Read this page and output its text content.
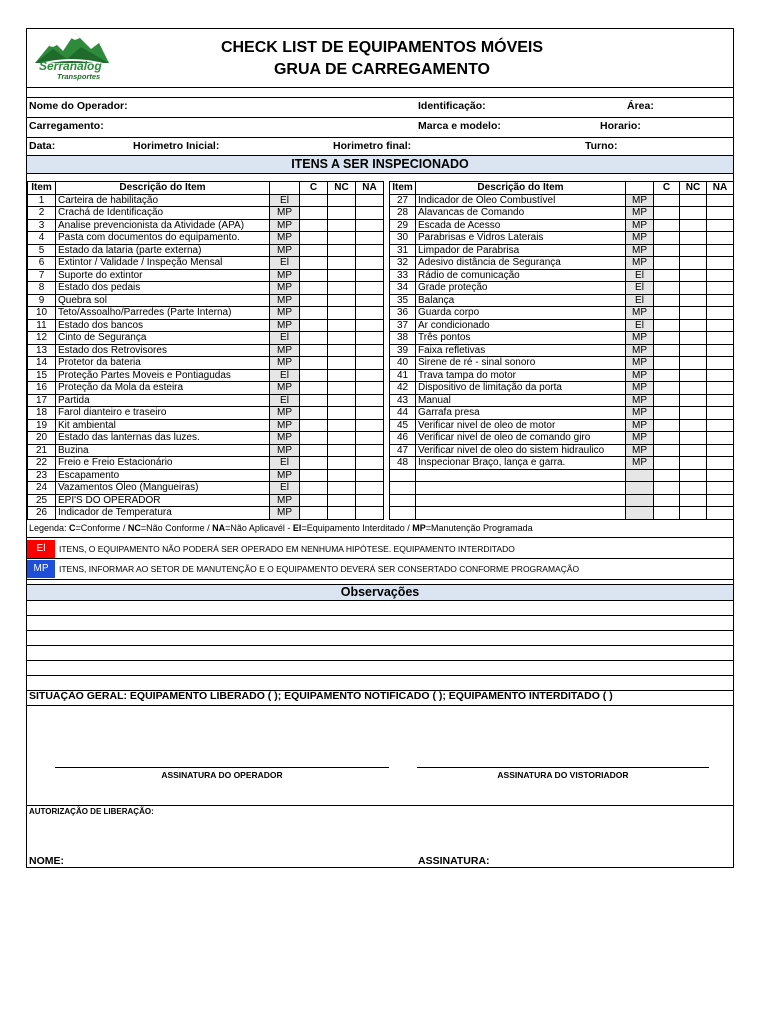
Serranalog
Transportes
CHECK LIST DE EQUIPAMENTOS MÓVEIS
GRUA DE CARREGAMENTO
Nome do Operador:	Identificação:	Área:
Carregamento:	Marca e modelo:	Horario:
Data:	Horimetro Inicial:	Horimetro final:	Turno:
ITENS A SER INSPECIONADO
Item	Descrição do Item		C	NC	NA
1	Carteira de habilitação	El			
2	Crachá de Identificação	MP			
3	Analise prevencionista da Atividade (APA)	MP			
4	Pasta com documentos do equipamento.	MP			
5	Estado da lataria (parte externa)	MP			
6	Extintor / Validade / Inspeção Mensal	El			
7	Suporte do extintor	MP			
8	Estado dos pedais	MP			
9	Quebra sol	MP			
10	Teto/Assoalho/Parredes (Parte Interna)	MP			
11	Estado dos bancos	MP			
12	Cinto de Segurança	El			
13	Estado dos Retrovisores	MP			
14	Protetor da bateria	MP			
15	Proteção Partes Moveis e Pontiagudas	El			
16	Proteção da Mola da esteira	MP			
17	Partida	El			
18	Farol dianteiro e traseiro	MP			
19	Kit ambiental	MP			
20	Estado das lanternas das luzes.	MP			
21	Buzina	MP			
22	Freio e Freio Estacionário	El			
23	Escapamento	MP			
24	Vazamentos Óleo (Mangueiras)	El			
25	EPI'S DO OPERADOR	MP			
26	Indicador de Temperatura	MP			
Item	Descrição do Item		C	NC	NA
27	Indicador de Óleo Combustível	MP			
28	Alavancas de Comando	MP			
29	Escada de Acesso	MP			
30	Parabrisas e Vidros Laterais	MP			
31	Limpador de Parabrisa	MP			
32	Adesivo distância de Segurança	MP			
33	Rádio de comunicação	El			
34	Grade proteção	El			
35	Balança	El			
36	Guarda corpo	MP			
37	Ar condicionado	El			
38	Três pontos	MP			
39	Faixa refletivas	MP			
40	Sirene de ré - sinal sonoro	MP			
41	Trava tampa do motor	MP			
42	Dispositivo de limitação da porta	MP			
43	Manual	MP			
44	Garrafa presa	MP			
45	Verificar nivel de oleo de motor	MP			
46	Verificar nivel de oleo de comando giro	MP			
47	Verificar nivel de oleo do sistem hidraulico	MP			
48	Inspecionar Braço, lança e garra.	MP			

Legenda: C=Conforme / NC=Não Conforme / NA=Não Aplicavél - EI=Equipamento Interditado / MP=Manutenção Programada
El	ITENS, O EQUIPAMENTO NÃO PODERÁ SER OPERADO EM NENHUMA HIPÓTESE. EQUIPAMENTO INTERDITADO
MP	ITENS, INFORMAR AO SETOR DE MANUTENÇÃO E O EQUIPAMENTO DEVERÁ SER CONSERTADO CONFORME PROGRAMAÇÃO
Observações
SITUAÇÃO GERAL: EQUIPAMENTO LIBERADO ( ); EQUIPAMENTO NOTIFICADO ( ); EQUIPAMENTO INTERDITADO ( )
ASSINATURA DO OPERADOR	ASSINATURA DO VISTORIADOR
AUTORIZAÇÃO DE LIBERAÇÃO:
NOME:	ASSINATURA:
